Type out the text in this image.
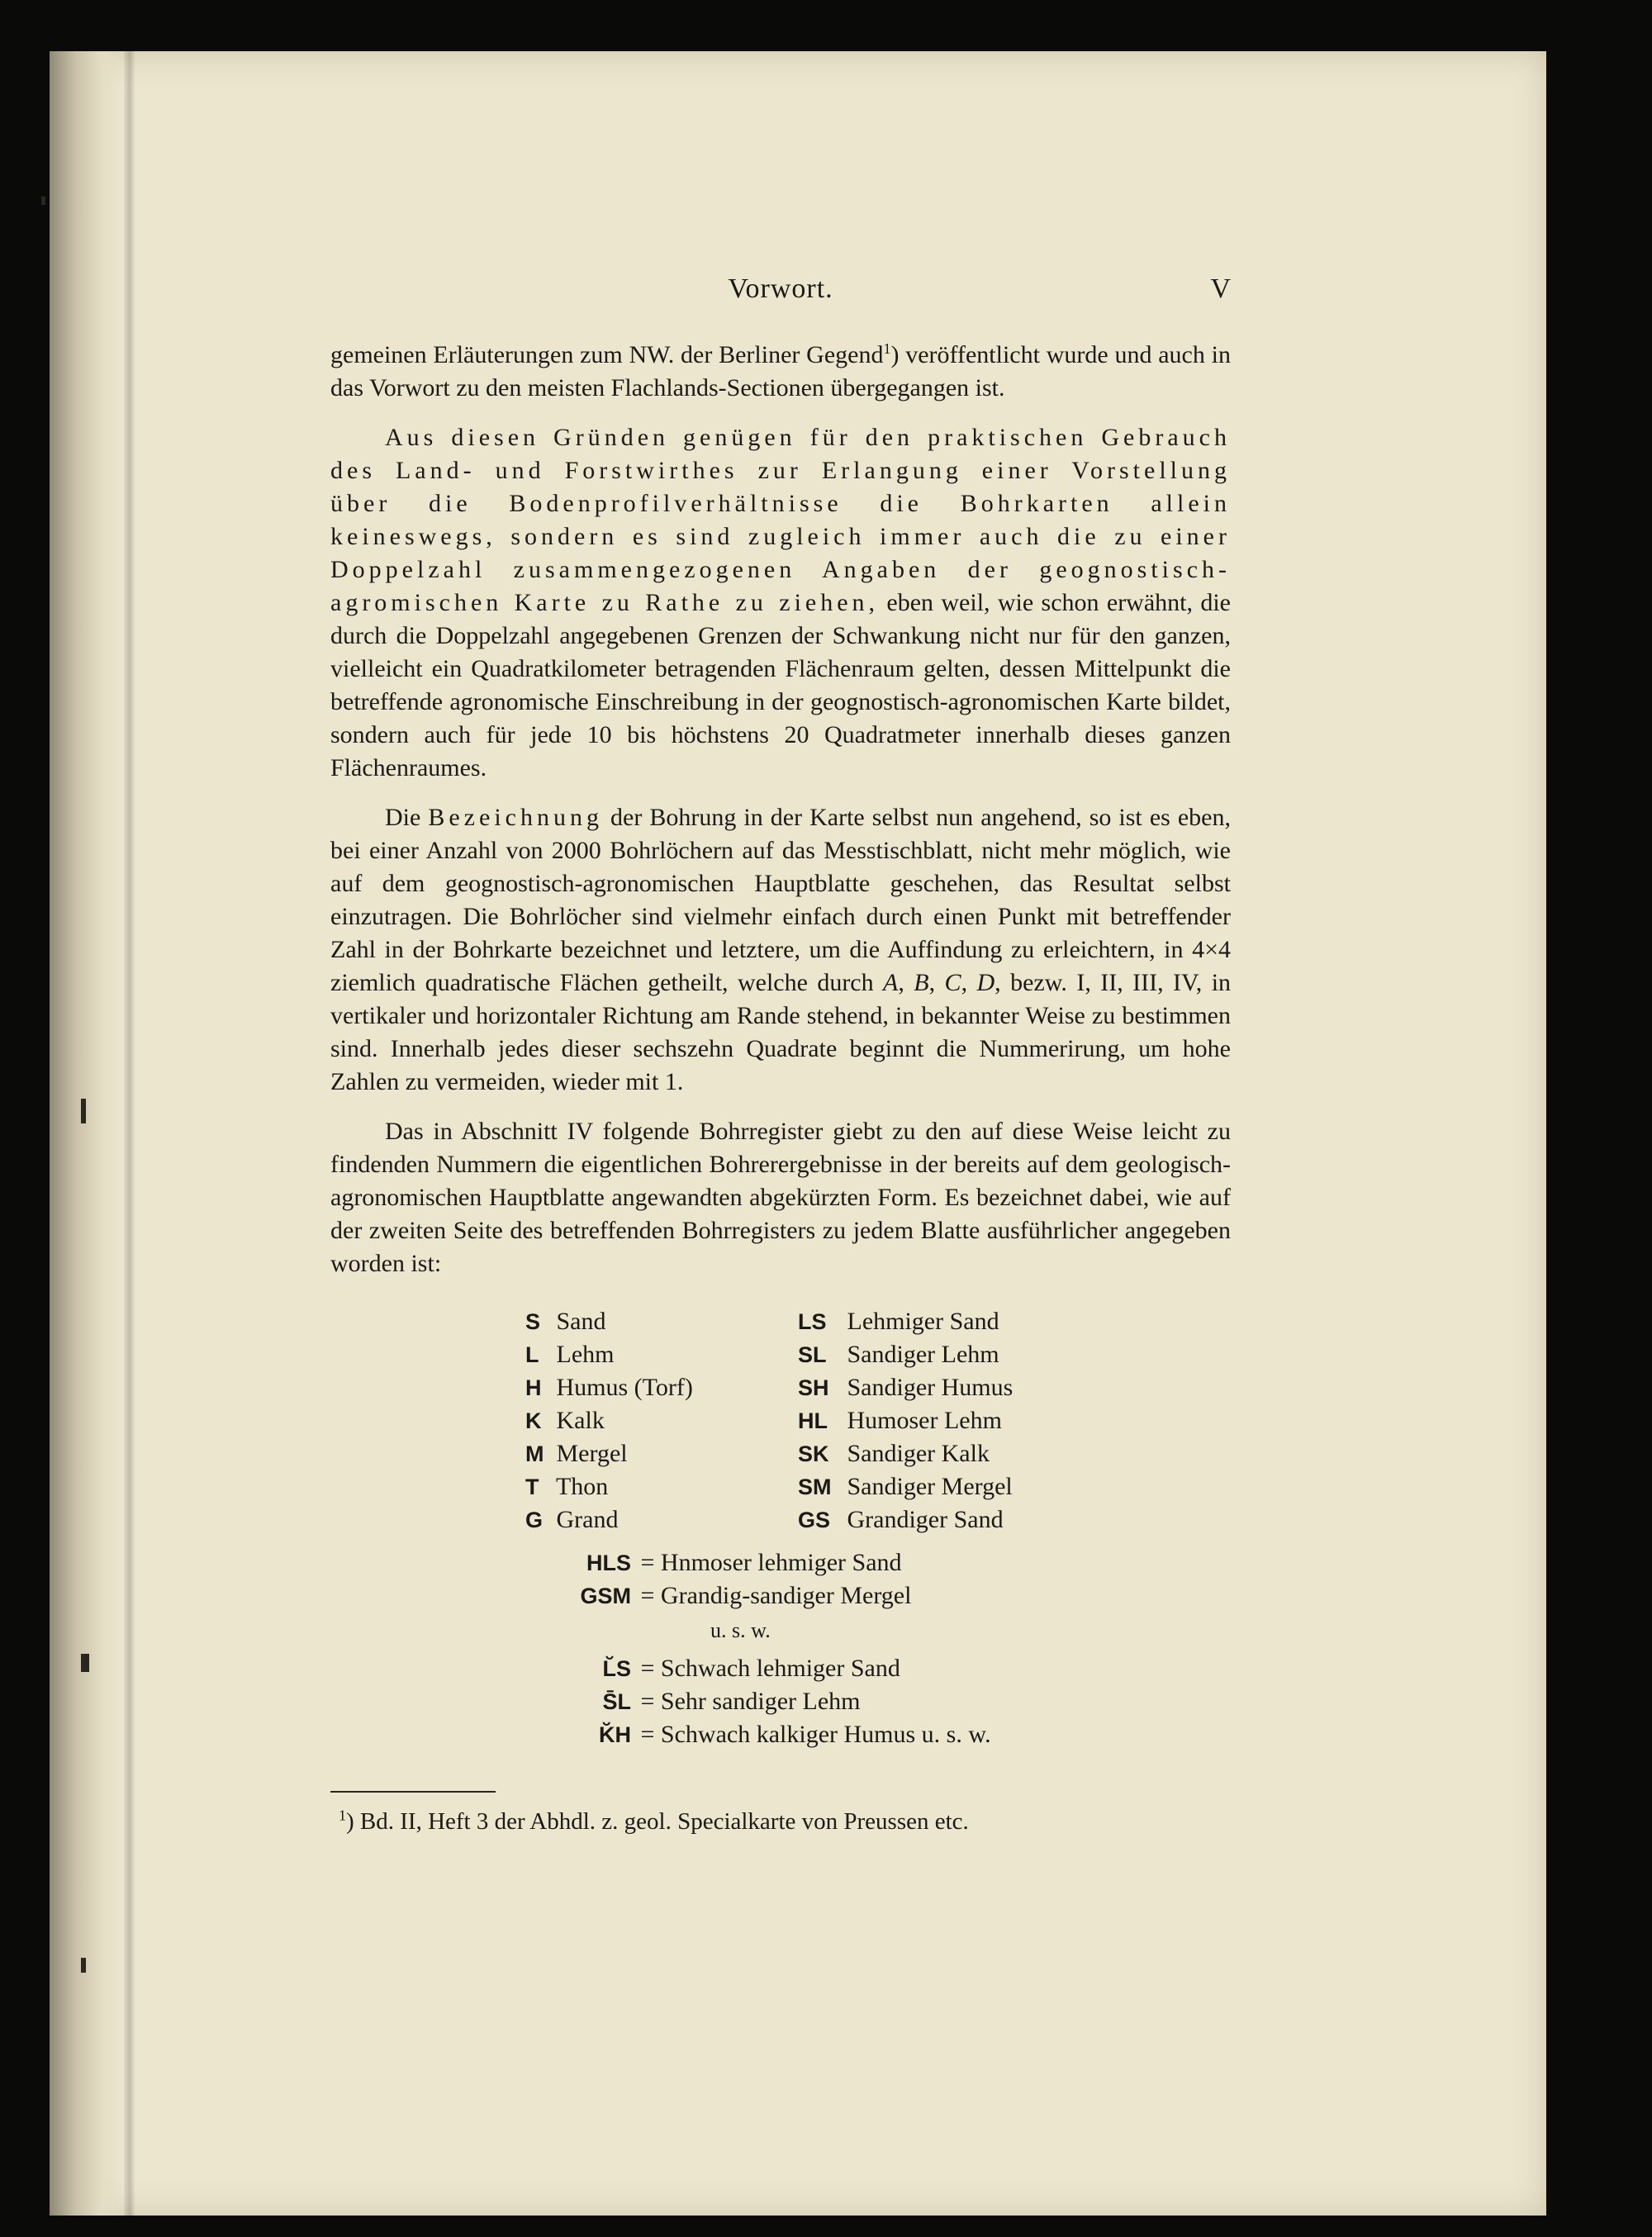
Vorwort.	V

gemeinen Erläuterungen zum NW. der Berliner Gegend$^1$) veröffentlicht wurde und auch in das Vorwort zu den meisten Flachlands-Sectionen übergegangen ist.

Aus diesen Gründen genügen für den praktischen Gebrauch des Land- und Forstwirthes zur Erlangung einer Vorstellung über die Bodenprofilverhältnisse die Bohrkarten allein keineswegs, sondern es sind zugleich immer auch die zu einer Doppelzahl zusammengezogenen Angaben der geognostisch-agromischen Karte zu Rathe zu ziehen, eben weil, wie schon erwähnt, die durch die Doppelzahl angegebenen Grenzen der Schwankung nicht nur für den ganzen, vielleicht ein Quadratkilometer betragenden Flächenraum gelten, dessen Mittelpunkt die betreffende agronomische Einschreibung in der geognostisch-agronomischen Karte bildet, sondern auch für jede 10 bis höchstens 20 Quadratmeter innerhalb dieses ganzen Flächenraumes.

Die Bezeichnung der Bohrung in der Karte selbst nun angehend, so ist es eben, bei einer Anzahl von 2000 Bohrlöchern auf das Messtischblatt, nicht mehr möglich, wie auf dem geognostisch-agronomischen Hauptblatte geschehen, das Resultat selbst einzutragen. Die Bohrlöcher sind vielmehr einfach durch einen Punkt mit betreffender Zahl in der Bohrkarte bezeichnet und letztere, um die Auffindung zu erleichtern, in 4×4 ziemlich quadratische Flächen getheilt, welche durch A, B, C, D, bezw. I, II, III, IV, in vertikaler und horizontaler Richtung am Rande stehend, in bekannter Weise zu bestimmen sind. Innerhalb jedes dieser sechszehn Quadrate beginnt die Nummerirung, um hohe Zahlen zu vermeiden, wieder mit 1.

Das in Abschnitt IV folgende Bohrregister giebt zu den auf diese Weise leicht zu findenden Nummern die eigentlichen Bohrerergebnisse in der bereits auf dem geologisch-agronomischen Hauptblatte angewandten abgekürzten Form. Es bezeichnet dabei, wie auf der zweiten Seite des betreffenden Bohrregisters zu jedem Blatte ausführlicher angegeben worden ist:

S Sand	LS Lehmiger Sand
L Lehm	SL Sandiger Lehm
H Humus (Torf)	SH Sandiger Humus
K Kalk	HL Humoser Lehm
M Mergel	SK Sandiger Kalk
T Thon	SM Sandiger Mergel
G Grand	GS Grandiger Sand
HLS = Hnmoser lehmiger Sand
GSM = Grandig-sandiger Mergel
u. s. w.
L̆S = Schwach lehmiger Sand
S̄L = Sehr sandiger Lehm
K̆H = Schwach kalkiger Humus u. s. w.
$^1$) Bd. II, Heft 3 der Abhdl. z. geol. Specialkarte von Preussen etc.
